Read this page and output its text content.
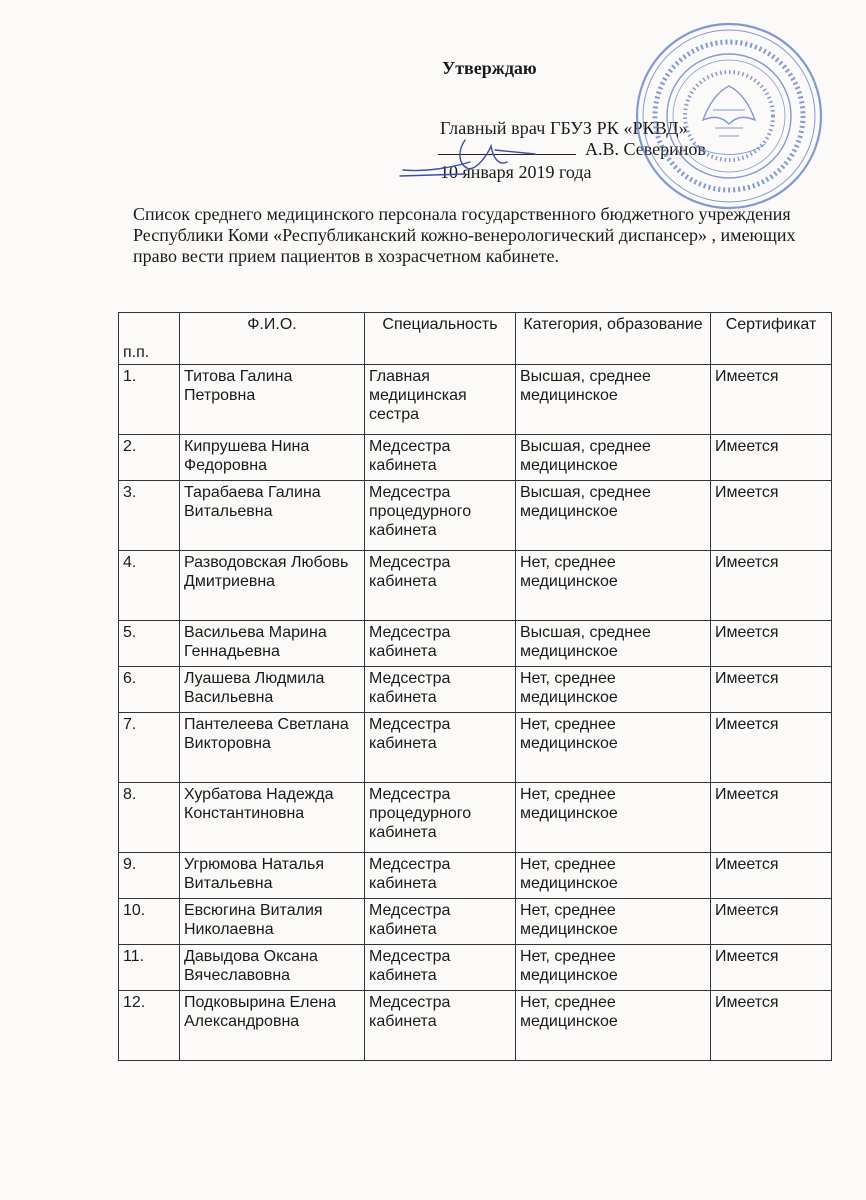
Утверждаю
Главный врач ГБУЗ РК «РКВД»
А.В. Северинов
10 января 2019 года
Список среднего медицинского персонала государственного бюджетного учреждения Республики Коми «Республиканский кожно-венерологический диспансер» , имеющих право вести прием пациентов в хозрасчетном кабинете.
п.п.	Ф.И.О.	Специальность	Категория, образование	Сертификат
1.	Титова Галина Петровна	Главная медицинская сестра	Высшая, среднее медицинское	Имеется
2.	Кипрушева Нина Федоровна	Медсестра кабинета	Высшая, среднее медицинское	Имеется
3.	Тарабаева Галина Витальевна	Медсестра процедурного кабинета	Высшая, среднее медицинское	Имеется
4.	Разводовская Любовь Дмитриевна	Медсестра кабинета	Нет, среднее медицинское	Имеется
5.	Васильева Марина Геннадьевна	Медсестра кабинета	Высшая, среднее медицинское	Имеется
6.	Луашева Людмила Васильевна	Медсестра кабинета	Нет, среднее медицинское	Имеется
7.	Пантелеева Светлана Викторовна	Медсестра кабинета	Нет, среднее медицинское	Имеется
8.	Хурбатова Надежда Константиновна	Медсестра процедурного кабинета	Нет, среднее медицинское	Имеется
9.	Угрюмова Наталья Витальевна	Медсестра кабинета	Нет, среднее медицинское	Имеется
10.	Евсюгина Виталия Николаевна	Медсестра кабинета	Нет, среднее медицинское	Имеется
11.	Давыдова Оксана Вячеславовна	Медсестра кабинета	Нет, среднее медицинское	Имеется
12.	Подковырина Елена Александровна	Медсестра кабинета	Нет, среднее медицинское	Имеется
